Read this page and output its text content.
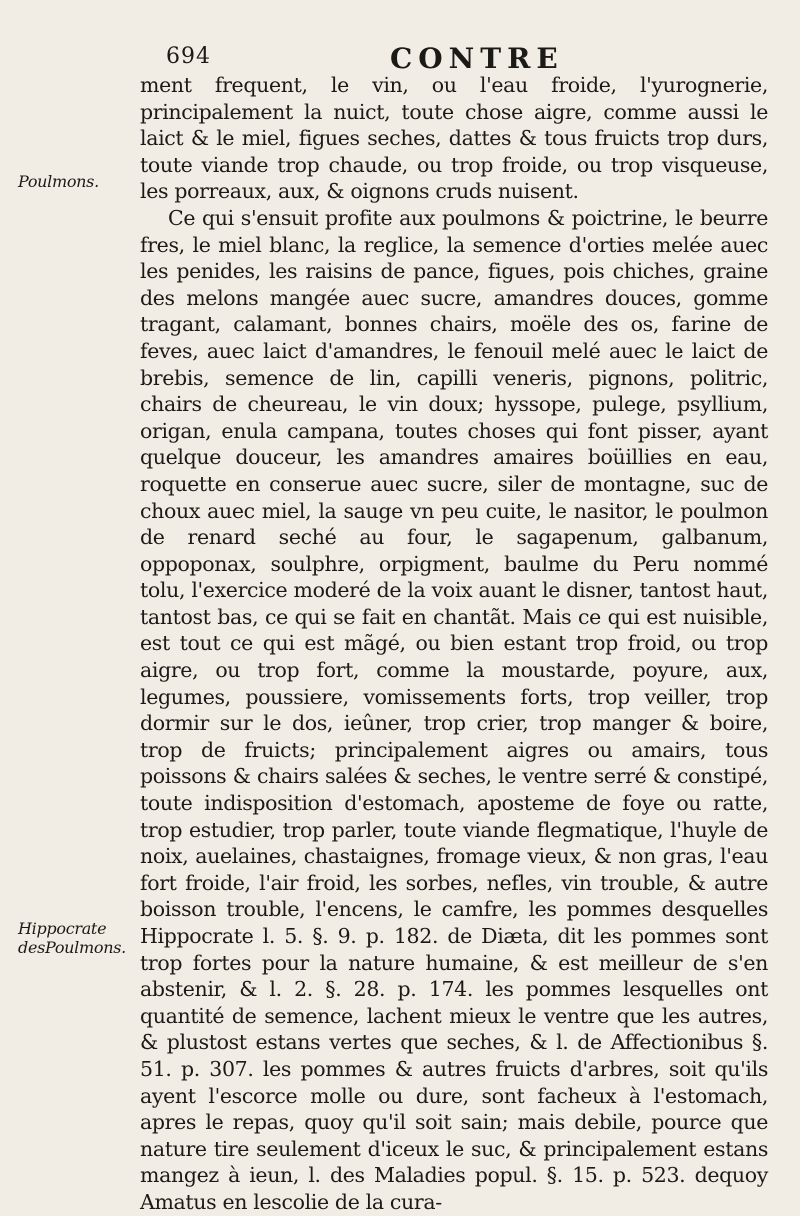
694	CONTRE
Poulmons.
Hippocrate desPoulmons.

ment frequent, le vin, ou l'eau froide, l'yurognerie, principalement la nuict, toute chose aigre, comme aussi le laict & le miel, figues seches, dattes & tous fruicts trop durs, toute viande trop chaude, ou trop froide, ou trop visqueuse, les porreaux, aux, & oignons cruds nuisent.

Ce qui s'ensuit profite aux poulmons & poictrine, le beurre fres, le miel blanc, la reglice, la semence d'orties melée auec les penides, les raisins de pance, figues, pois chiches, graine des melons mangée auec sucre, amandres douces, gomme tragant, calamant, bonnes chairs, moële des os, farine de feves, auec laict d'amandres, le fenouil melé auec le laict de brebis, semence de lin, capilli veneris, pignons, politric, chairs de cheureau, le vin doux; hyssope, pulege, psyllium, origan, enula campana, toutes choses qui font pisser, ayant quelque douceur, les amandres amaires boüillies en eau, roquette en conserue auec sucre, siler de montagne, suc de choux auec miel, la sauge vn peu cuite, le nasitor, le poulmon de renard seché au four, le sagapenum, galbanum, oppoponax, soulphre, orpigment, baulme du Peru nommé tolu, l'exercice moderé de la voix auant le disner, tantost haut, tantost bas, ce qui se fait en chantãt. Mais ce qui est nuisible, est tout ce qui est mãgé, ou bien estant trop froid, ou trop aigre, ou trop fort, comme la moustarde, poyure, aux, legumes, poussiere, vomissements forts, trop veiller, trop dormir sur le dos, ieûner, trop crier, trop manger & boire, trop de fruicts; principalement aigres ou amairs, tous poissons & chairs salées & seches, le ventre serré & constipé, toute indisposition d'estomach, apostеme de foye ou ratte, trop estudier, trop parler, toute viande flegmatique, l'huyle de noix, auelaines, chastaignes, fromage vieux, & non gras, l'eau fort froide, l'air froid, les sorbes, nefles, vin trouble, & autre boisson trouble, l'encens, le camfre, les pommes desquelles Hippocrate l. 5. §. 9. p. 182. de Diæta, dit les pommes sont trop fortes pour la nature humaine, & est meilleur de s'en abstenir, & l. 2. §. 28. p. 174. les pommes lesquelles ont quantité de semence, lachent mieux le ventre que les autres, & plustost estans vertes que seches, & l. de Affectionibus §. 51. p. 307. les pommes & autres fruicts d'arbres, soit qu'ils ayent l'escorce molle ou dure, sont facheux à l'estomach, apres le repas, quoy qu'il soit sain; mais debile, pource que nature tire seulement d'iceux le suc, & principalement estans mangez à ieun, l. des Maladies popul. §. 15. p. 523. dequoy Amatus en lescolie de la cura-
